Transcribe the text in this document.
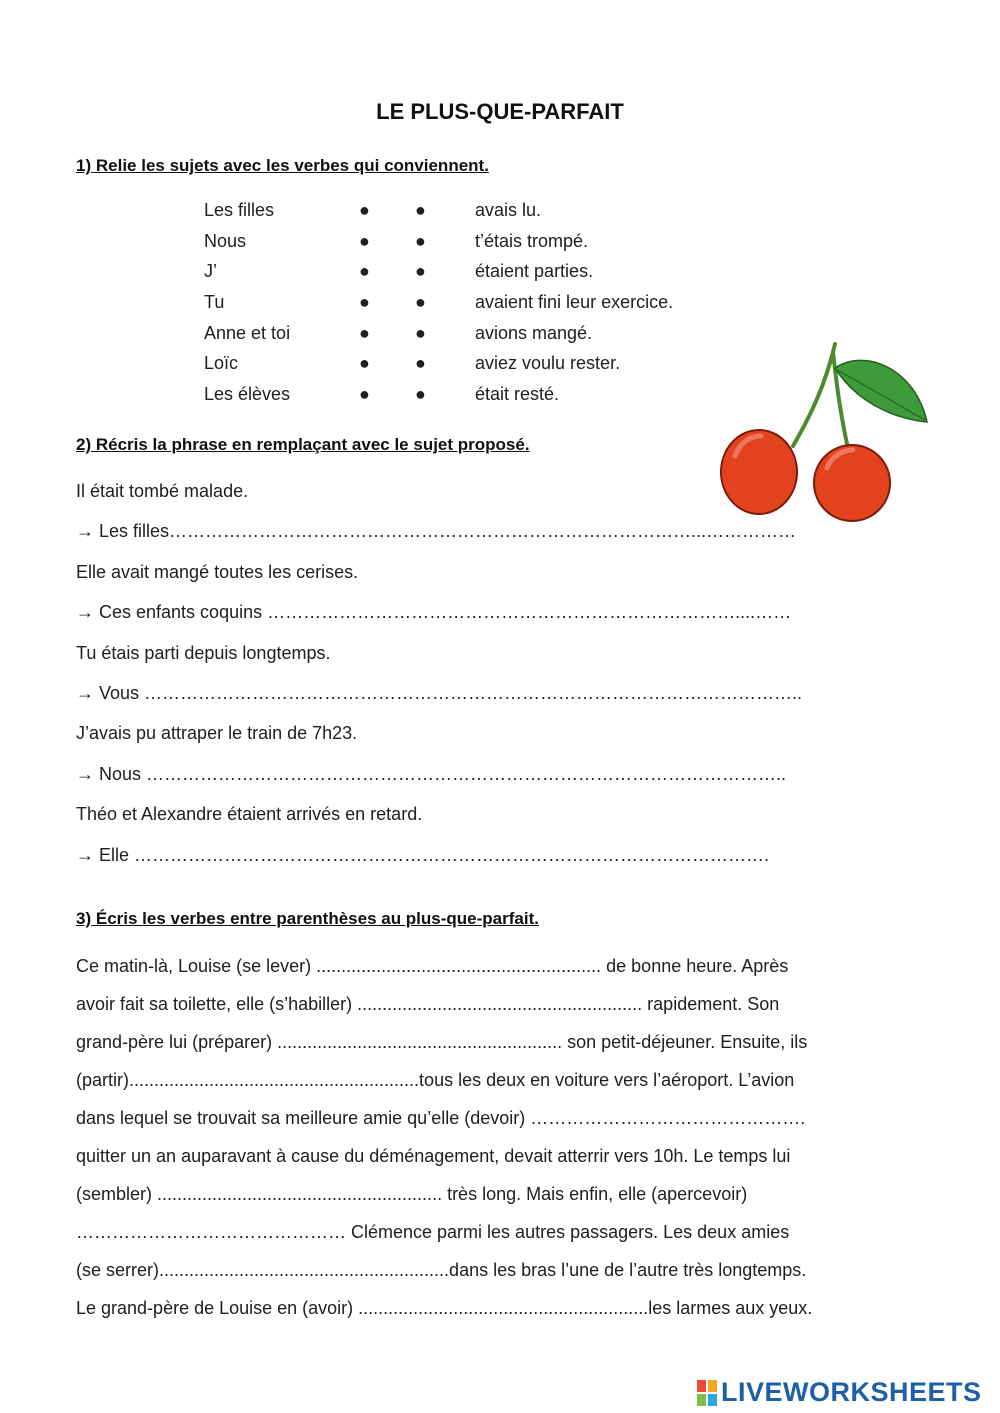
LE PLUS-QUE-PARFAIT
1) Relie les sujets avec les verbes qui conviennent.
Les filles	●	●	avais lu.
Nous	●	●	t’étais trompé.
J’	●	●	étaient parties.
Tu	●	●	avaient fini leur exercice.
Anne et toi	●	●	avions mangé.
Loïc	●	●	aviez voulu rester.
Les élèves	●	●	était resté.
2) Récris la phrase en remplaçant avec le sujet proposé.
Il était tombé malade.
→ Les filles……………………………………………………………………………...……………
Elle avait mangé toutes les cerises.
→ Ces enfants coquins ……………………………………………………………………....……
Tu étais parti depuis longtemps.
→ Vous ………………………………………………………………………………………………..
J’avais pu attraper le train de 7h23.
→ Nous ……………………………………………………………………………………………..
Théo et Alexandre étaient arrivés en retard.
→ Elle …………………………………………………………………………………………….
3) Écris les verbes entre parenthèses au plus-que-parfait.
Ce matin-là, Louise (se lever) ......................................................... de bonne heure. Après
avoir fait sa toilette, elle (s’habiller) ......................................................... rapidement. Son
grand-père lui (préparer) ......................................................... son petit-déjeuner. Ensuite, ils
(partir)..........................................................tous les deux en voiture vers l’aéroport. L’avion
dans lequel se trouvait sa meilleure amie qu’elle (devoir) ……………………………………….
quitter un an auparavant à cause du déménagement, devait atterrir vers 10h. Le temps lui
(sembler) ......................................................... très long. Mais enfin, elle (apercevoir)
……………………………………… Clémence parmi les autres passagers. Les deux amies
(se serrer)..........................................................dans les bras l’une de l’autre très longtemps.
Le grand-père de Louise en (avoir) ..........................................................les larmes aux yeux.
LIVEWORKSHEETS
